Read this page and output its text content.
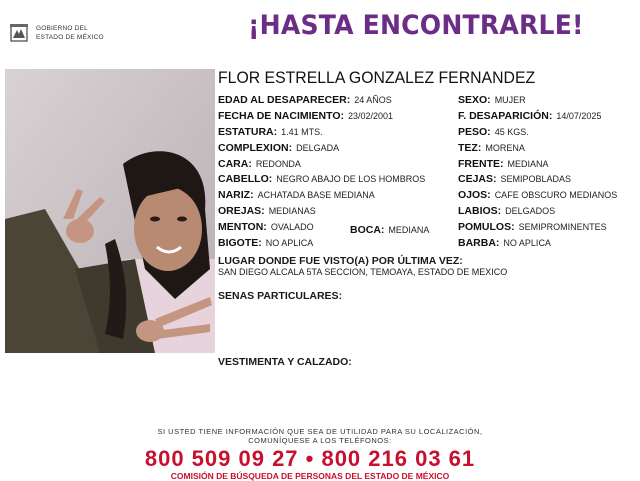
GOBIERNO DEL
ESTADO DE MÉXICO	¡HASTA ENCONTRARLE!
FLOR ESTRELLA GONZALEZ FERNANDEZ
EDAD AL DESAPARECER: 24 AÑOS
FECHA DE NACIMIENTO: 23/02/2001
ESTATURA: 1.41 MTS.
COMPLEXION: DELGADA
CARA: REDONDA
CABELLO: NEGRO ABAJO DE LOS HOMBROS
NARIZ: ACHATADA BASE MEDIANA
OREJAS: MEDIANAS
MENTON: OVALADO	BOCA: MEDIANA
BIGOTE: NO APLICA
SEXO: MUJER
F. DESAPARICIÓN: 14/07/2025
PESO: 45 KGS.
TEZ: MORENA
FRENTE: MEDIANA
CEJAS: SEMIPOBLADAS
OJOS: CAFE OBSCURO MEDIANOS
LABIOS: DELGADOS
POMULOS: SEMIPROMINENTES
BARBA: NO APLICA
LUGAR DONDE FUE VISTO(A) POR ÚLTIMA VEZ:
SAN DIEGO ALCALA 5TA SECCION, TEMOAYA, ESTADO DE MEXICO
SENAS PARTICULARES:
VESTIMENTA Y CALZADO:
SI USTED TIENE INFORMACIÓN QUE SEA DE UTILIDAD PARA SU LOCALIZACIÓN,
COMUNÍQUESE A LOS TELÉFONOS:
800 509 09 27 • 800 216 03 61
COMISIÓN DE BÚSQUEDA DE PERSONAS DEL ESTADO DE MÉXICO
